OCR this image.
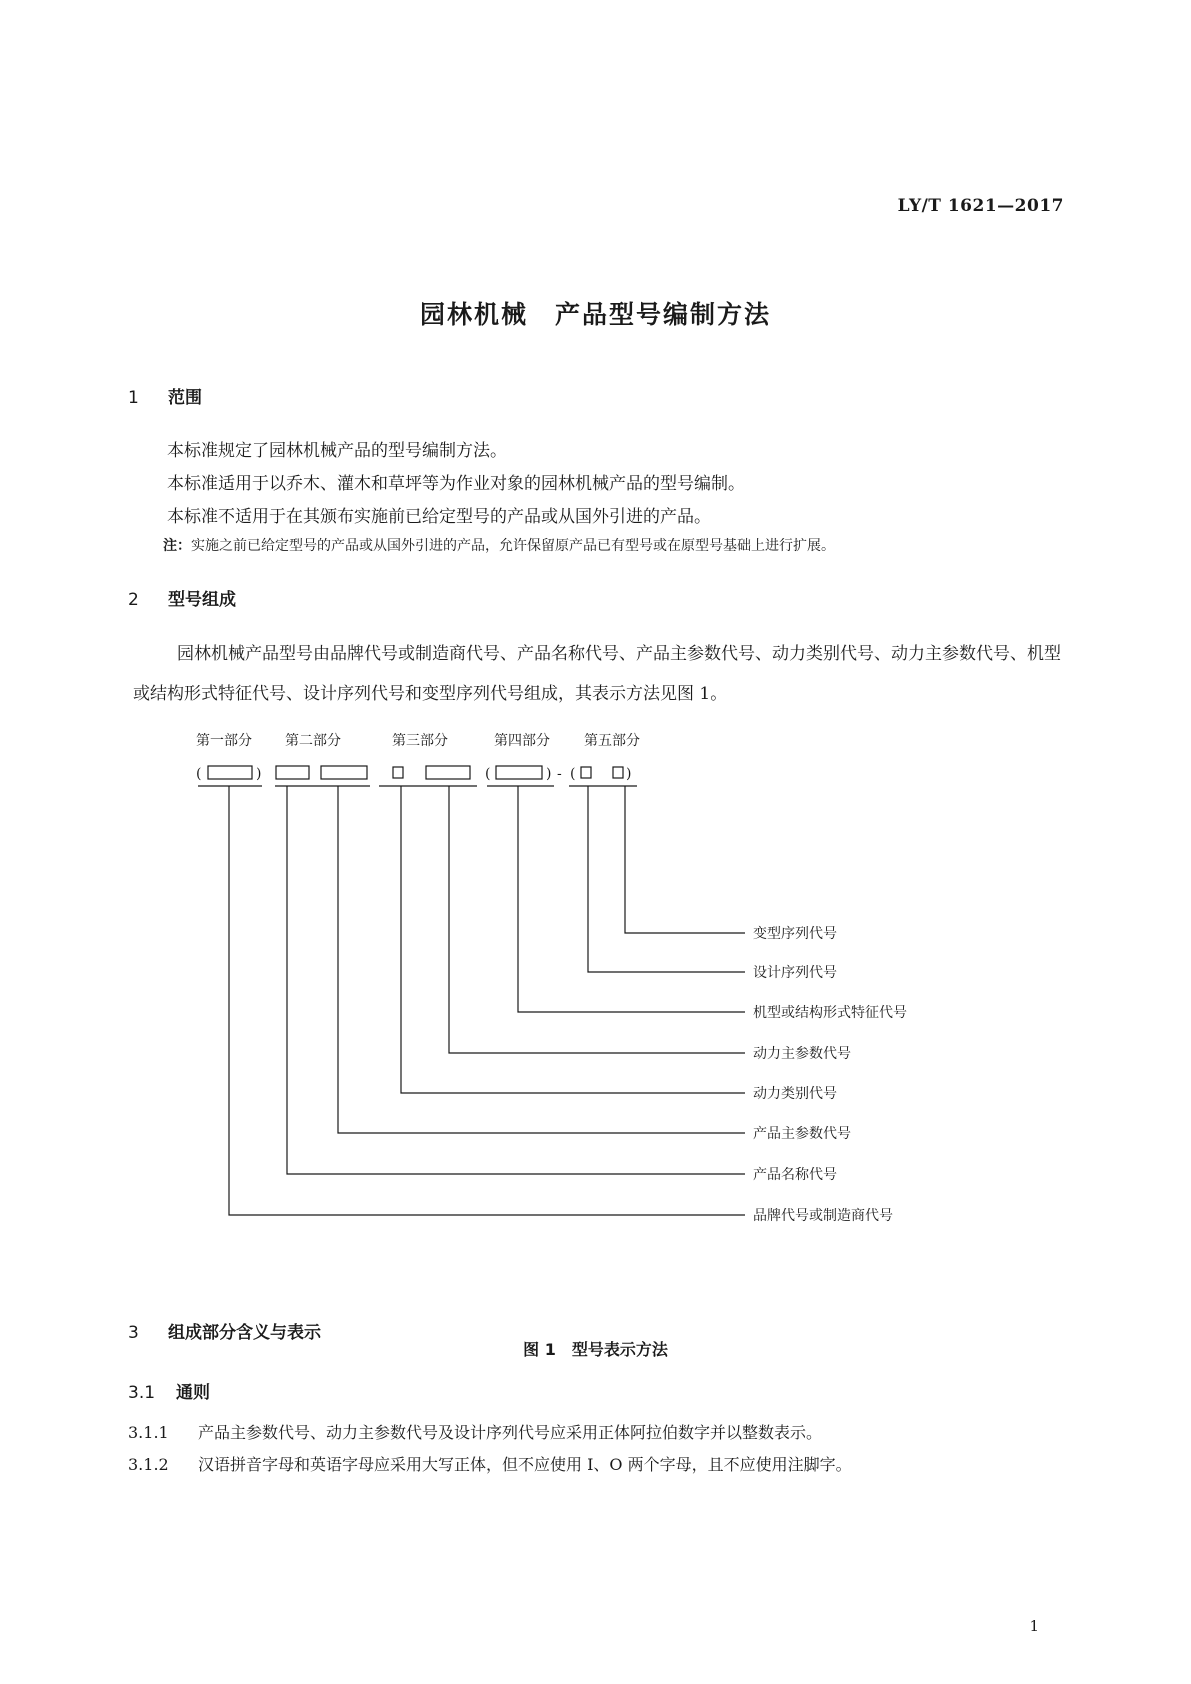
LY/T 1621—2017
园林机械　产品型号编制方法
1 范围
本标准规定了园林机械产品的型号编制方法。
本标准适用于以乔木、灌木和草坪等为作业对象的园林机械产品的型号编制。
本标准不适用于在其颁布实施前已给定型号的产品或从国外引进的产品。
注：实施之前已给定型号的产品或从国外引进的产品，允许保留原产品已有型号或在原型号基础上进行扩展。
2 型号组成
园林机械产品型号由品牌代号或制造商代号、产品名称代号、产品主参数代号、动力类别代号、动力主参数代号、机型或结构形式特征代号、设计序列代号和变型序列代号组成，其表示方法见图 1。
第一部分 第二部分	第三部分	第四部分 第五部分
(	)	(	) - (	)
变型序列代号
设计序列代号
机型或结构形式特征代号
动力主参数代号
动力类别代号
产品主参数代号
产品名称代号
品牌代号或制造商代号
图 1　 型号表示方法
3 组成部分含义与表示
3.1 通则
3.1.1 产品主参数代号、动力主参数代号及设计序列代号应采用正体阿拉伯数字并以整数表示。
3.1.2 汉语拼音字母和英语字母应采用大写正体，但不应使用 I、O 两个字母，且不应使用注脚字。
1
